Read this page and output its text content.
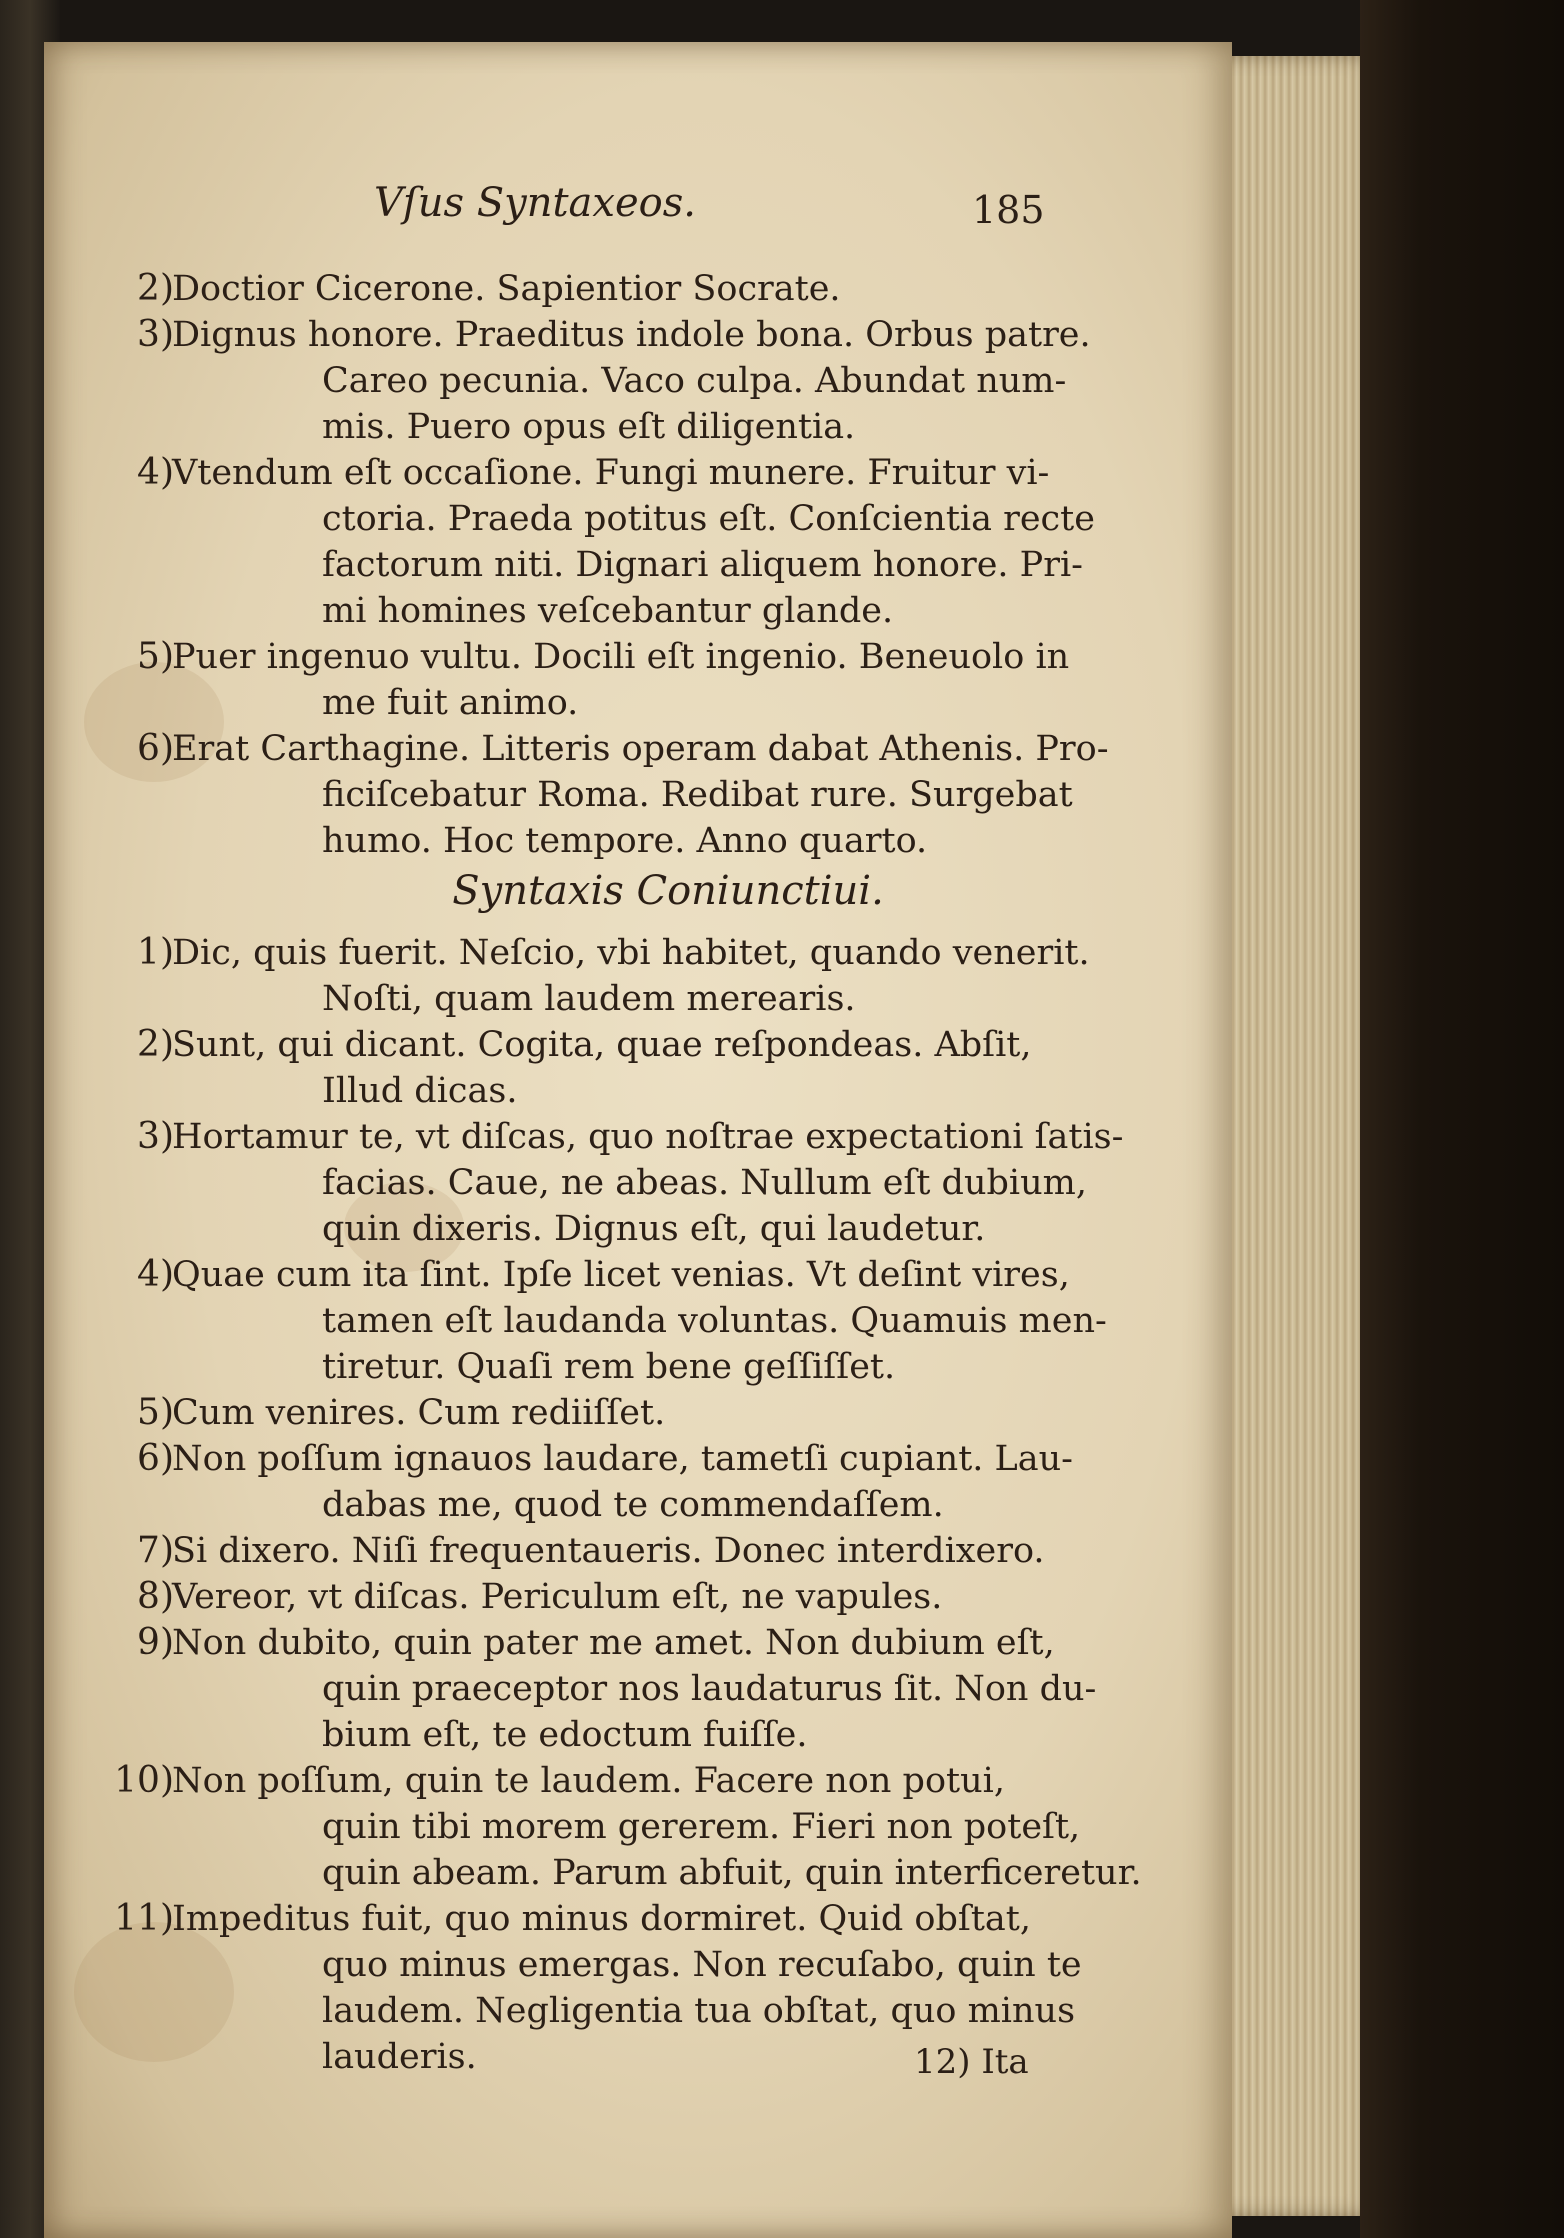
Vſus Syntaxeos.	185
2)
Doctior Cicerone. Sapientior Socrate.
3)
Dignus honore. Praeditus indole bona. Orbus patre.
Careo pecunia. Vaco culpa. Abundat num-
mis. Puero opus eſt diligentia.
4)
Vtendum eſt occaſione. Fungi munere. Fruitur vi-
ctoria. Praeda potitus eſt. Conſcientia recte
factorum niti. Dignari aliquem honore. Pri-
mi homines veſcebantur glande.
5)
Puer ingenuo vultu. Docili eſt ingenio. Beneuolo in
me fuit animo.
6)
Erat Carthagine. Litteris operam dabat Athenis. Pro-
ficiſcebatur Roma. Redibat rure. Surgebat
humo. Hoc tempore. Anno quarto.
Syntaxis Coniunctiui.
1)
Dic, quis fuerit. Neſcio, vbi habitet, quando venerit.
Noſti, quam laudem merearis.
2)
Sunt, qui dicant. Cogita, quae reſpondeas. Abſit,
Illud dicas.
3)
Hortamur te, vt diſcas, quo noſtrae expectationi ſatis-
facias. Caue, ne abeas. Nullum eſt dubium,
quin dixeris. Dignus eſt, qui laudetur.
4)
Quae cum ita ſint. Ipſe licet venias. Vt deſint vires,
tamen eſt laudanda voluntas. Quamuis men-
tiretur. Quaſi rem bene geſſiſſet.
5)
Cum venires. Cum rediiſſet.
6)
Non poſſum ignauos laudare, tametſi cupiant. Lau-
dabas me, quod te commendaſſem.
7)
Si dixero. Niſi frequentaueris. Donec interdixero.
8)
Vereor, vt diſcas. Periculum eſt, ne vapules.
9)
Non dubito, quin pater me amet. Non dubium eſt,
quin praeceptor nos laudaturus ſit. Non du-
bium eſt, te edoctum fuiſſe.
10)
Non poſſum, quin te laudem. Facere non potui,
quin tibi morem gererem. Fieri non poteſt,
quin abeam. Parum abfuit, quin interficeretur.
11)
Impeditus fuit, quo minus dormiret. Quid obſtat,
quo minus emergas. Non recuſabo, quin te
laudem. Negligentia tua obſtat, quo minus
lauderis.	12) Ita
